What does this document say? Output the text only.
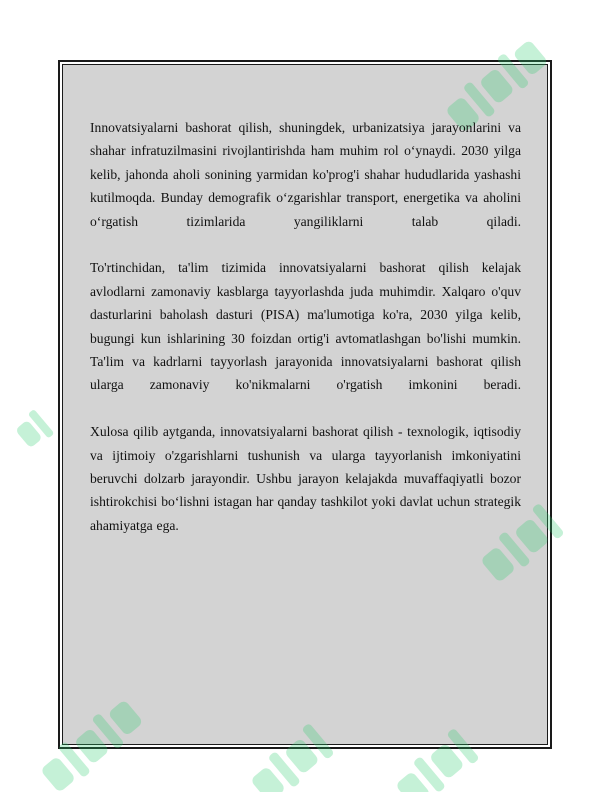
Innovatsiyalarni bashorat qilish, shuningdek, urbanizatsiya jarayonlarini va shahar infratuzilmasini rivojlantirishda ham muhim rol o‘ynaydi. 2030 yilga kelib, jahonda aholi sonining yarmidan ko'prog'i shahar hududlarida yashashi kutilmoqda. Bunday demografik o‘zgarishlar transport, energetika va aholini o‘rgatish tizimlarida yangiliklarni talab qiladi.

To'rtinchidan, ta'lim tizimida innovatsiyalarni bashorat qilish kelajak avlodlarni zamonaviy kasblarga tayyorlashda juda muhimdir. Xalqaro o'quv dasturlarini baholash dasturi (PISA) ma'lumotiga ko'ra, 2030 yilga kelib, bugungi kun ishlarining 30 foizdan ortig'i avtomatlashgan bo'lishi mumkin. Ta'lim va kadrlarni tayyorlash jarayonida innovatsiyalarni bashorat qilish ularga zamonaviy ko'nikmalarni o'rgatish imkonini beradi.

Xulosa qilib aytganda, innovatsiyalarni bashorat qilish - texnologik, iqtisodiy va ijtimoiy o'zgarishlarni tushunish va ularga tayyorlanish imkoniyatini beruvchi dolzarb jarayondir. Ushbu jarayon kelajakda muvaffaqiyatli bozor ishtirokchisi bo‘lishni istagan har qanday tashkilot yoki davlat uchun strategik ahamiyatga ega.
